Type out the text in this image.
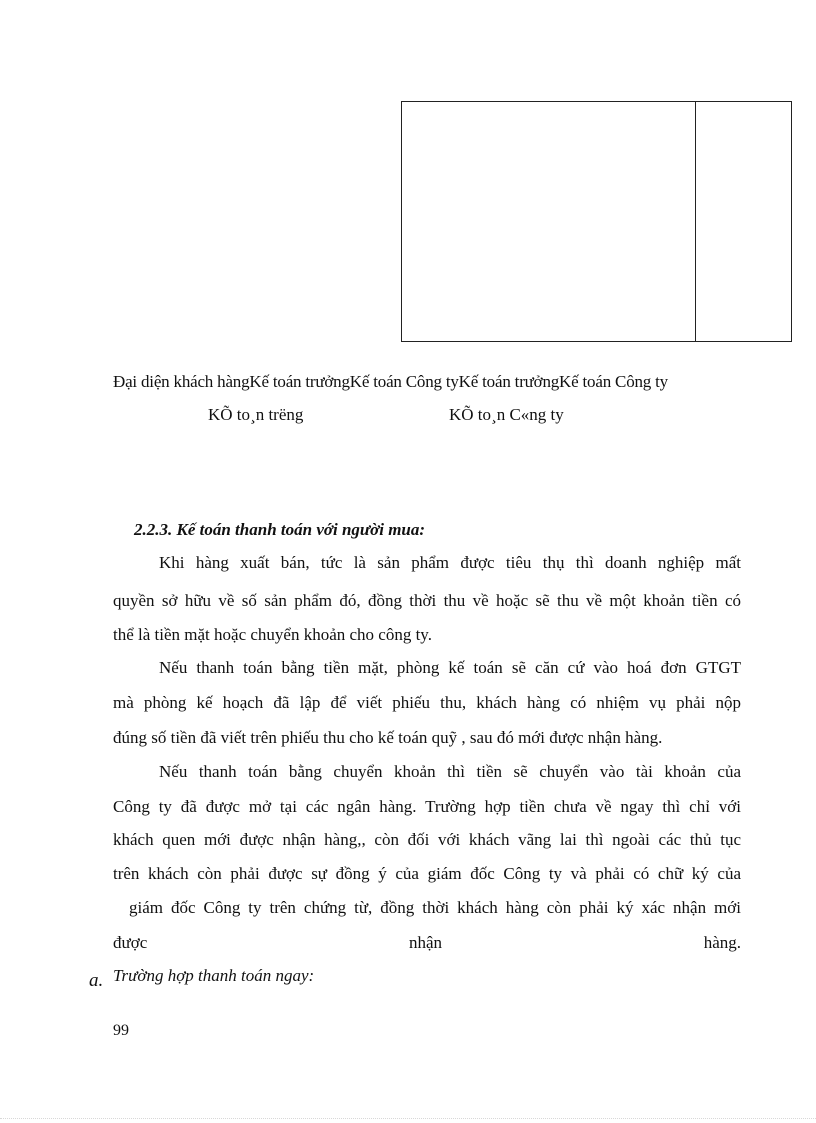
Đại diện khách hàngKế toán trưởngKế toán Công tyKế toán trưởngKế toán Công ty
KÕ to¸n trëng	KÕ to¸n C«ng ty
2.2.3. Kế toán thanh toán với người mua:
Khi hàng xuất bán, tức là sản phẩm được tiêu thụ thì doanh nghiệp mất
quyền sở hữu về số sản phẩm đó, đồng thời thu về hoặc sẽ thu về một khoản tiền có
thể là tiền mặt hoặc chuyển khoản cho công ty.
Nếu thanh toán bằng tiền mặt, phòng kế toán sẽ căn cứ vào hoá đơn GTGT
mà phòng kế hoạch đã lập để viết phiếu thu, khách hàng có nhiệm vụ phải nộp
đúng số tiền đã viết trên phiếu thu cho kế toán quỹ , sau đó mới được nhận hàng.
Nếu thanh toán bằng chuyển khoản thì tiền sẽ chuyển vào tài khoản của
Công ty đã được mở tại các ngân hàng. Trường hợp tiền chưa về ngay thì chỉ với
khách quen mới được nhận hàng,, còn đối với khách vãng lai thì ngoài các thủ tục
trên khách còn phải được sự đồng ý của giám đốc Công ty và phải có chữ ký của
giám đốc Công ty trên chứng từ, đồng thời khách hàng còn phải ký xác nhận mới
được nhận hàng.
a. Trường hợp thanh toán ngay:
99
